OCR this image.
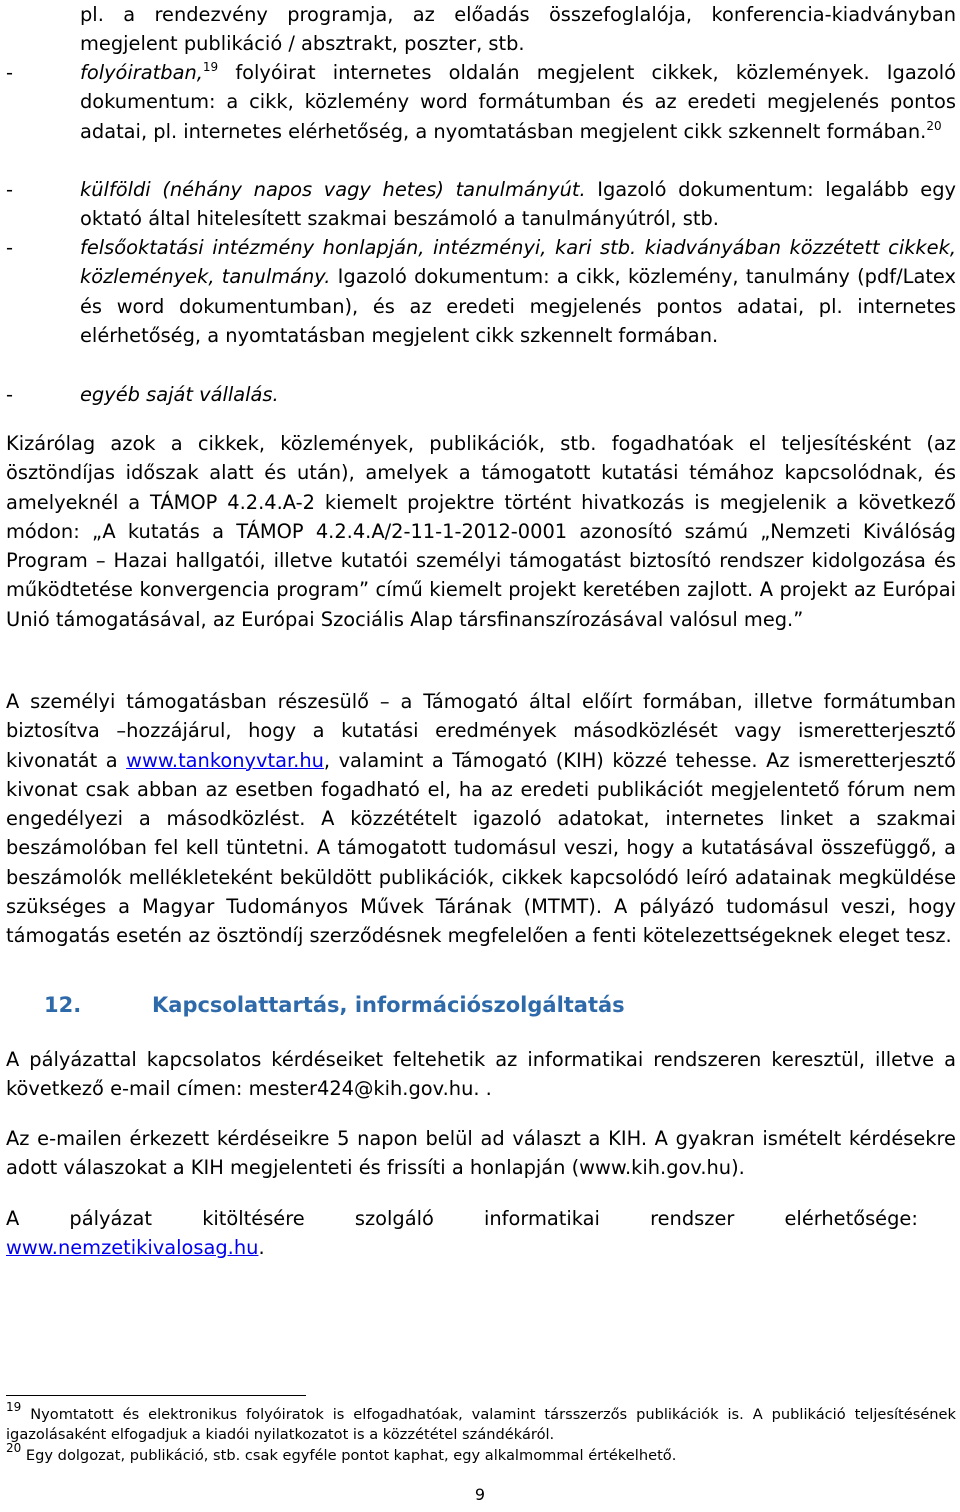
pl. a rendezvény programja, az előadás összefoglalója, konferencia-kiadványban megjelent publikáció / absztrakt, poszter, stb.
-	folyóiratban,$^{19}$ folyóirat internetes oldalán megjelent cikkek, közlemények. Igazoló dokumentum: a cikk, közlemény word formátumban és az eredeti megjelenés pontos adatai, pl. internetes elérhetőség, a nyomtatásban megjelent cikk szkennelt formában.$^{20}$
-	külföldi (néhány napos vagy hetes) tanulmányút. Igazoló dokumentum: legalább egy oktató által hitelesített szakmai beszámoló a tanulmányútról, stb.
-	felsőoktatási intézmény honlapján, intézményi, kari stb. kiadványában közzétett cikkek, közlemények, tanulmány. Igazoló dokumentum: a cikk, közlemény, tanulmány (pdf/Latex és word dokumentumban), és az eredeti megjelenés pontos adatai, pl. internetes elérhetőség, a nyomtatásban megjelent cikk szkennelt formában.
-	egyéb saját vállalás.
Kizárólag azok a cikkek, közlemények, publikációk, stb. fogadhatóak el teljesítésként (az ösztöndíjas időszak alatt és után), amelyek a támogatott kutatási témához kapcsolódnak, és amelyeknél a TÁMOP 4.2.4.A-2 kiemelt projektre történt hivatkozás is megjelenik a következő módon: „A kutatás a TÁMOP 4.2.4.A/2-11-1-2012-0001 azonosító számú „Nemzeti Kiválóság Program – Hazai hallgatói, illetve kutatói személyi támogatást biztosító rendszer kidolgozása és működtetése konvergencia program” című kiemelt projekt keretében zajlott. A projekt az Európai Unió támogatásával, az Európai Szociális Alap társfinanszírozásával valósul meg.”
A személyi támogatásban részesülő – a Támogató által előírt formában, illetve formátumban biztosítva –hozzájárul, hogy a kutatási eredmények másodközlését vagy ismeretterjesztő kivonatát a www.tankonyvtar.hu, valamint a Támogató (KIH) közzé tehesse. Az ismeretterjesztő kivonat csak abban az esetben fogadható el, ha az eredeti publikációt megjelentető fórum nem engedélyezi a másodközlést. A közzétételt igazoló adatokat, internetes linket a szakmai beszámolóban fel kell tüntetni. A támogatott tudomásul veszi, hogy a kutatásával összefüggő, a beszámolók mellékleteként beküldött publikációk, cikkek kapcsolódó leíró adatainak megküldése szükséges a Magyar Tudományos Művek Tárának (MTMT). A pályázó tudomásul veszi, hogy támogatás esetén az ösztöndíj szerződésnek megfelelően a fenti kötelezettségeknek eleget tesz.
12.	Kapcsolattartás, információszolgáltatás
A pályázattal kapcsolatos kérdéseiket feltehetik az informatikai rendszeren keresztül, illetve a következő e-mail címen: mester424@kih.gov.hu. .
Az e-mailen érkezett kérdéseikre 5 napon belül ad választ a KIH. A gyakran ismételt kérdésekre adott válaszokat a KIH megjelenteti és frissíti a honlapján (www.kih.gov.hu).
A pályázat kitöltésére szolgáló informatikai rendszer elérhetősége:
www.nemzetikivalosag.hu.
$^{19}$ Nyomtatott és elektronikus folyóiratok is elfogadhatóak, valamint társszerzős publikációk is. A publikáció teljesítésének igazolásaként elfogadjuk a kiadói nyilatkozatot is a közzététel szándékáról.
$^{20}$ Egy dolgozat, publikáció, stb. csak egyféle pontot kaphat, egy alkalmommal értékelhető.
9
